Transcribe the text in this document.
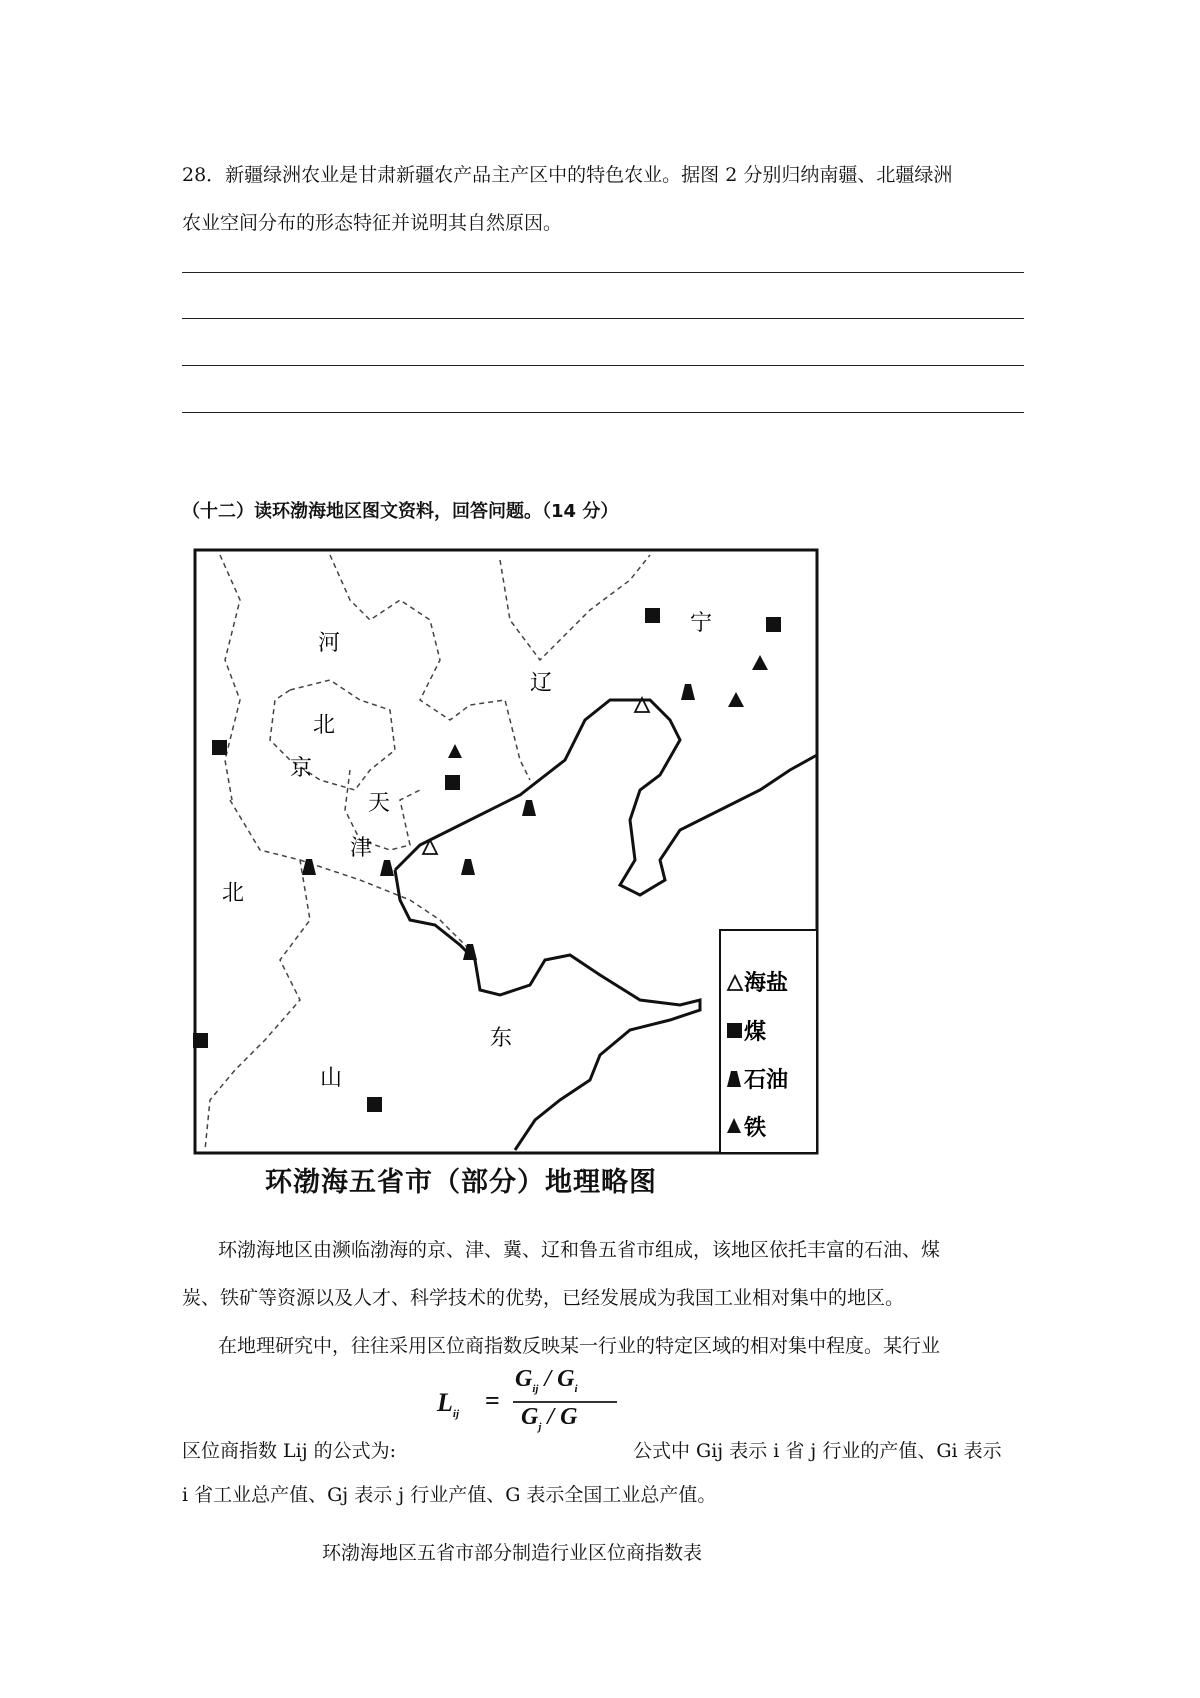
28．新疆绿洲农业是甘肃新疆农产品主产区中的特色农业。据图 2 分别归纳南疆、北疆绿洲
农业空间分布的形态特征并说明其自然原因。
（十二）读环渤海地区图文资料，回答问题。（14 分）
河
北
京
天
津
北
辽
宁
山
东
海盐
煤
石油
铁
环渤海五省市（部分）地理略图
环渤海地区由濒临渤海的京、津、冀、辽和鲁五省市组成，该地区依托丰富的石油、煤
炭、铁矿等资源以及人才、科学技术的优势，已经发展成为我国工业相对集中的地区。
在地理研究中，往往采用区位商指数反映某一行业的特定区域的相对集中程度。某行业
$L_{ij}$ =
$G_{ij} / G_i$
$G_j$ / G
区位商指数 Lij 的公式为:	公式中 Gij 表示 i 省 j 行业的产值、Gi 表示
i 省工业总产值、Gj 表示 j 行业产值、G 表示全国工业总产值。
环渤海地区五省市部分制造行业区位商指数表
